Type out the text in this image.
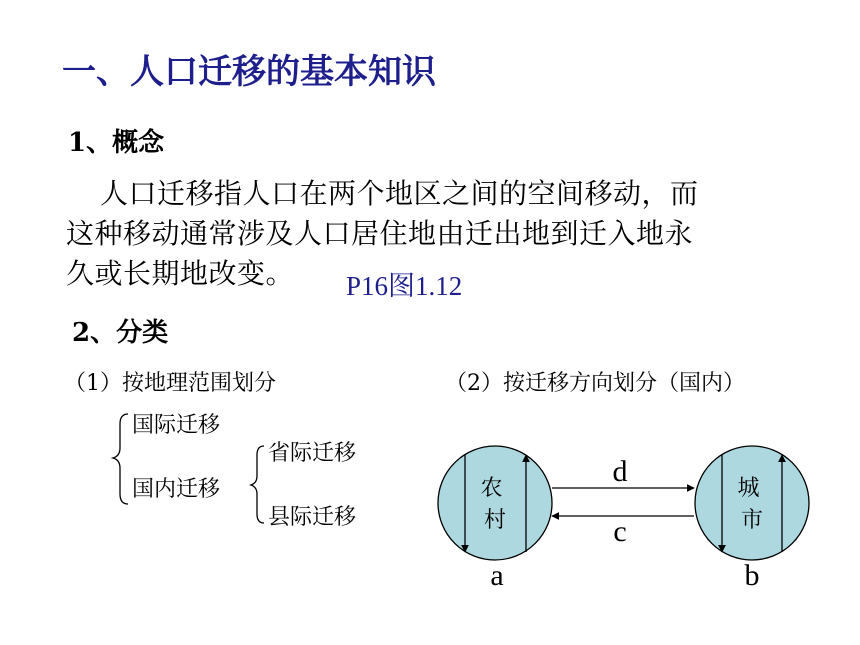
一、人口迁移的基本知识
1、概念
人口迁移指人口在两个地区之间的空间移动，而
这种移动通常涉及人口居住地由迁出地到迁入地永
久或长期地改变。 P16图1.12
2、分类
（1）按地理范围划分	（2）按迁移方向划分（国内）
国际迁移
国内迁移
省际迁移
县际迁移
农 村
城 市
d
c
a	b
